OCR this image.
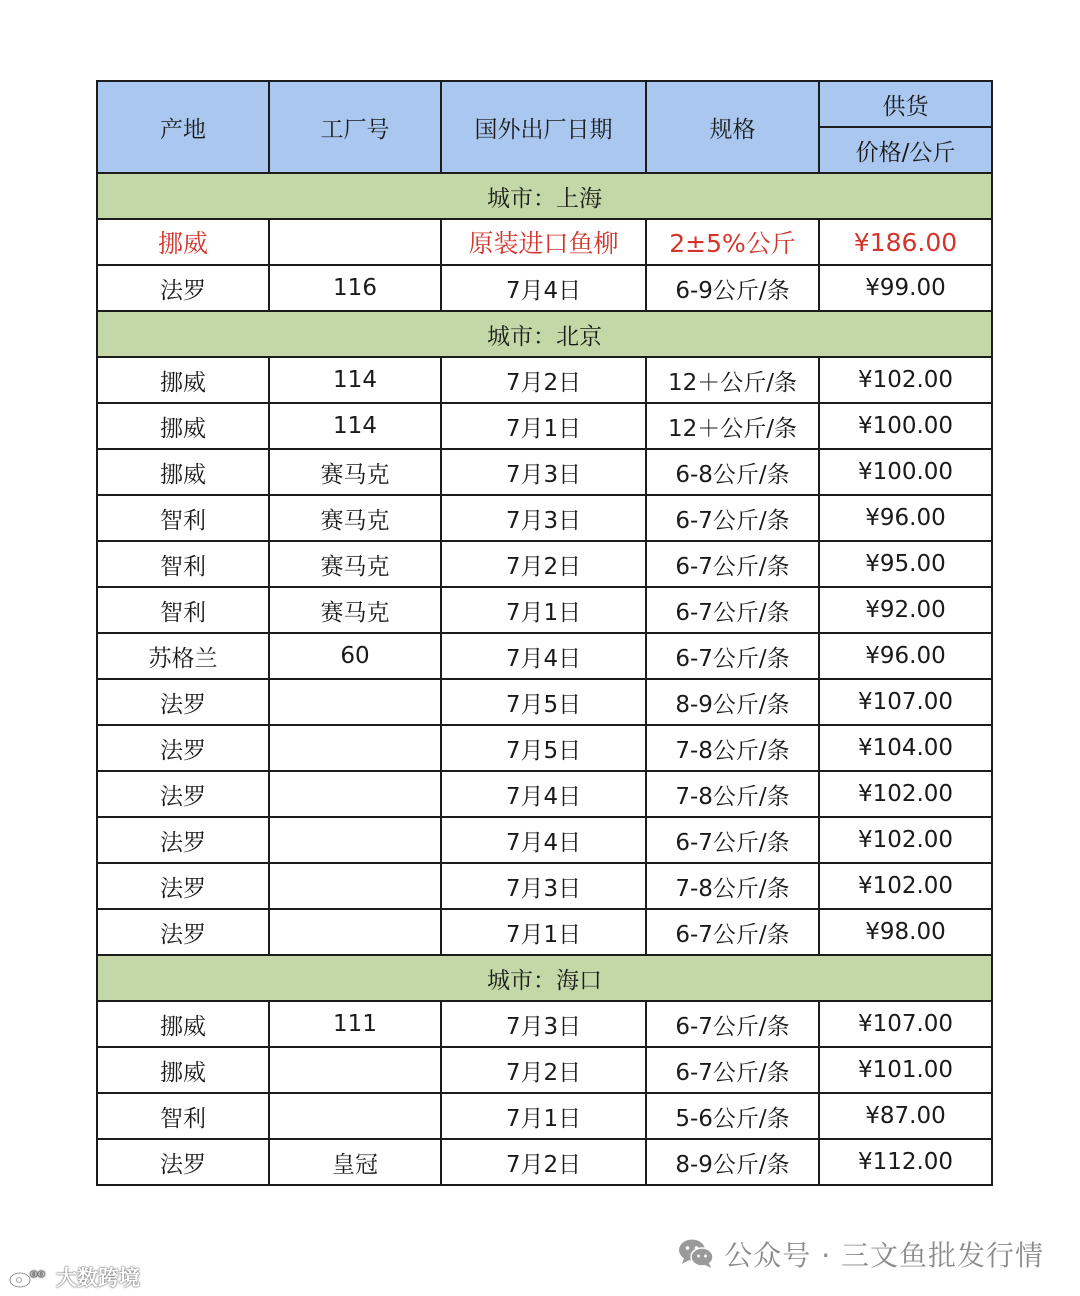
产地	工厂号	国外出厂日期	规格	供货
				价格/公斤
城市：上海				
挪威		原装进口鱼柳	2±5%公斤	¥186.00
法罗	116	7月4日	6-9公斤/条	¥99.00
城市：北京				
挪威	114	7月2日	12＋公斤/条	¥102.00
挪威	114	7月1日	12＋公斤/条	¥100.00
挪威	赛马克	7月3日	6-8公斤/条	¥100.00
智利	赛马克	7月3日	6-7公斤/条	¥96.00
智利	赛马克	7月2日	6-7公斤/条	¥95.00
智利	赛马克	7月1日	6-7公斤/条	¥92.00
苏格兰	60	7月4日	6-7公斤/条	¥96.00
法罗		7月5日	8-9公斤/条	¥107.00
法罗		7月5日	7-8公斤/条	¥104.00
法罗		7月4日	7-8公斤/条	¥102.00
法罗		7月4日	6-7公斤/条	¥102.00
法罗		7月3日	7-8公斤/条	¥102.00
法罗		7月1日	6-7公斤/条	¥98.00
城市：海口				
挪威	111	7月3日	6-7公斤/条	¥107.00
挪威		7月2日	6-7公斤/条	¥101.00
智利		7月1日	5-6公斤/条	¥87.00
法罗	皇冠	7月2日	8-9公斤/条	¥112.00
公众号 · 三文鱼批发行情
oo 大数跨境
